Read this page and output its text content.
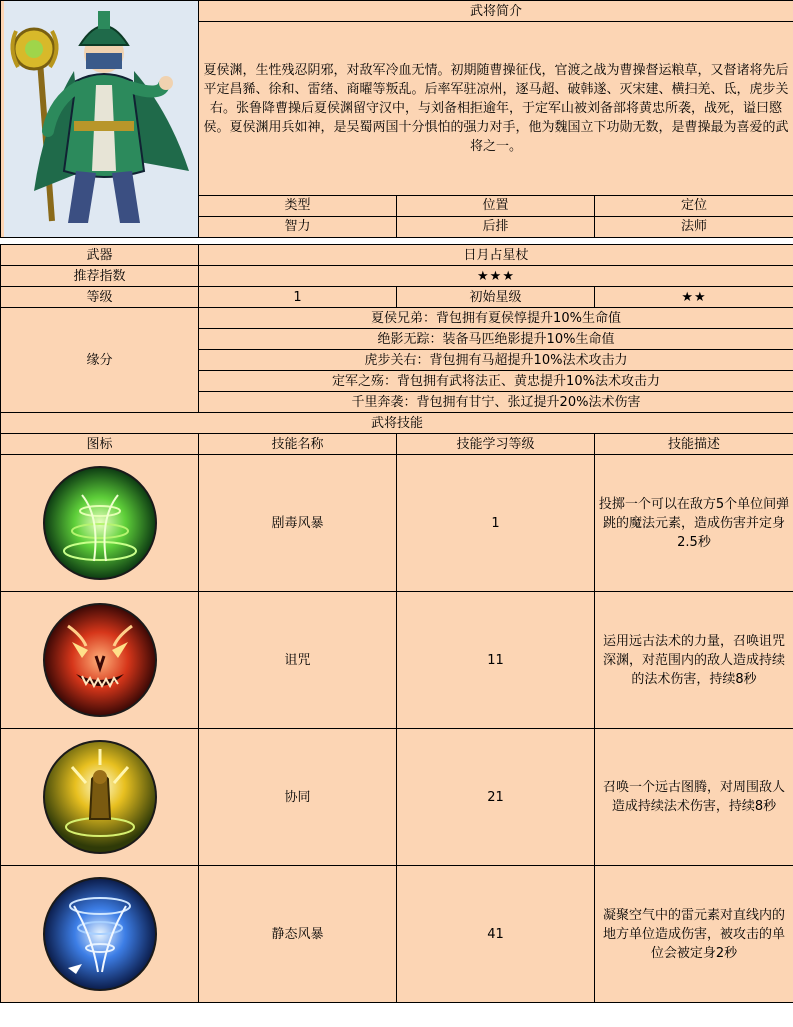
	武将简介		
	夏侯渊，生性残忍阴邪，对敌军冷血无情。初期随曹操征伐，官渡之战为曹操督运粮草，又督诸将先后平定昌豨、徐和、雷绪、商曜等叛乱。后率军驻凉州，逐马超、破韩遂、灭宋建、横扫羌、氐，虎步关右。张鲁降曹操后夏侯渊留守汉中，与刘备相拒逾年，于定军山被刘备部将黄忠所袭，战死，谥曰愍侯。夏侯渊用兵如神，是吴蜀两国十分惧怕的强力对手，他为魏国立下功勋无数，是曹操最为喜爱的武将之一。		
	类型	位置	定位
	智力	后排	法师
武器	日月占星杖		
推荐指数	★★★		
等级	1	初始星级	★★
缘分	夏侯兄弟：背包拥有夏侯惇提升10%生命值		
	绝影无踪：装备马匹绝影提升10%生命值		
	虎步关右：背包拥有马超提升10%法术攻击力		
	定军之殇：背包拥有武将法正、黄忠提升10%法术攻击力		
	千里奔袭：背包拥有甘宁、张辽提升20%法术伤害		
武将技能			
图标	技能名称	技能学习等级	技能描述

	剧毒风暴	1	投掷一个可以在敌方5个单位间弹跳的魔法元素，造成伤害并定身2.5秒

	诅咒	11	运用远古法术的力量，召唤诅咒深渊，对范围内的敌人造成持续的法术伤害，持续8秒

	协同	21	召唤一个远古图腾，对周围敌人造成持续法术伤害，持续8秒

	静态风暴	41	凝聚空气中的雷元素对直线内的地方单位造成伤害，被攻击的单位会被定身2秒
